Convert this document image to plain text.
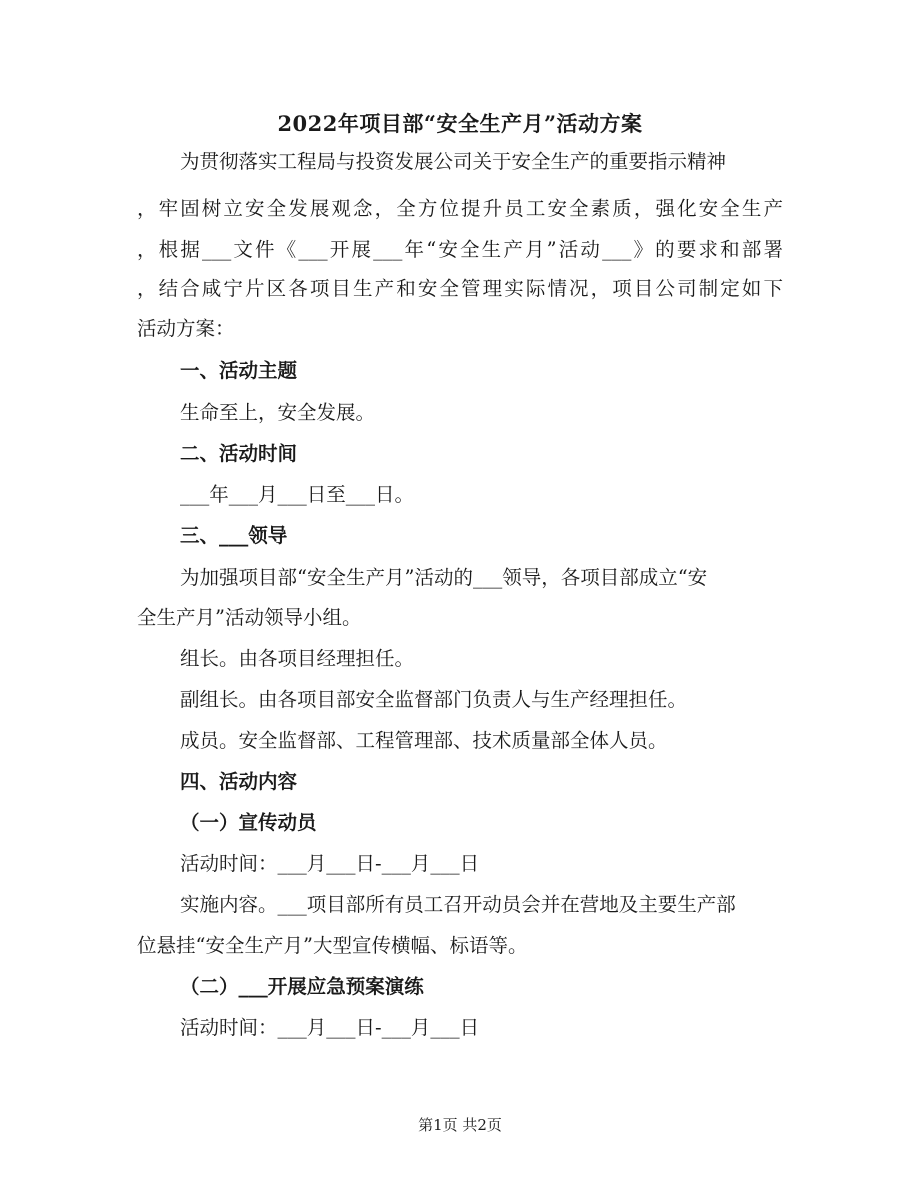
2022年项目部“安全生产月”活动方案
为贯彻落实工程局与投资发展公司关于安全生产的重要指示精神
，牢固树立安全发展观念，全方位提升员工安全素质，强化安全生产
，根据___文件《___开展___年“安全生产月”活动___》的要求和部署
，结合咸宁片区各项目生产和安全管理实际情况，项目公司制定如下
活动方案：
一、活动主题
生命至上，安全发展。
二、活动时间
___年___月___日至___日。
三、___领导
为加强项目部“安全生产月”活动的___领导，各项目部成立“安
全生产月”活动领导小组。
组长。由各项目经理担任。
副组长。由各项目部安全监督部门负责人与生产经理担任。
成员。安全监督部、工程管理部、技术质量部全体人员。
四、活动内容
（一）宣传动员
活动时间：___月___日-___月___日
实施内容。___项目部所有员工召开动员会并在营地及主要生产部
位悬挂“安全生产月”大型宣传横幅、标语等。
（二）___开展应急预案演练
活动时间：___月___日-___月___日
第1页 共2页
